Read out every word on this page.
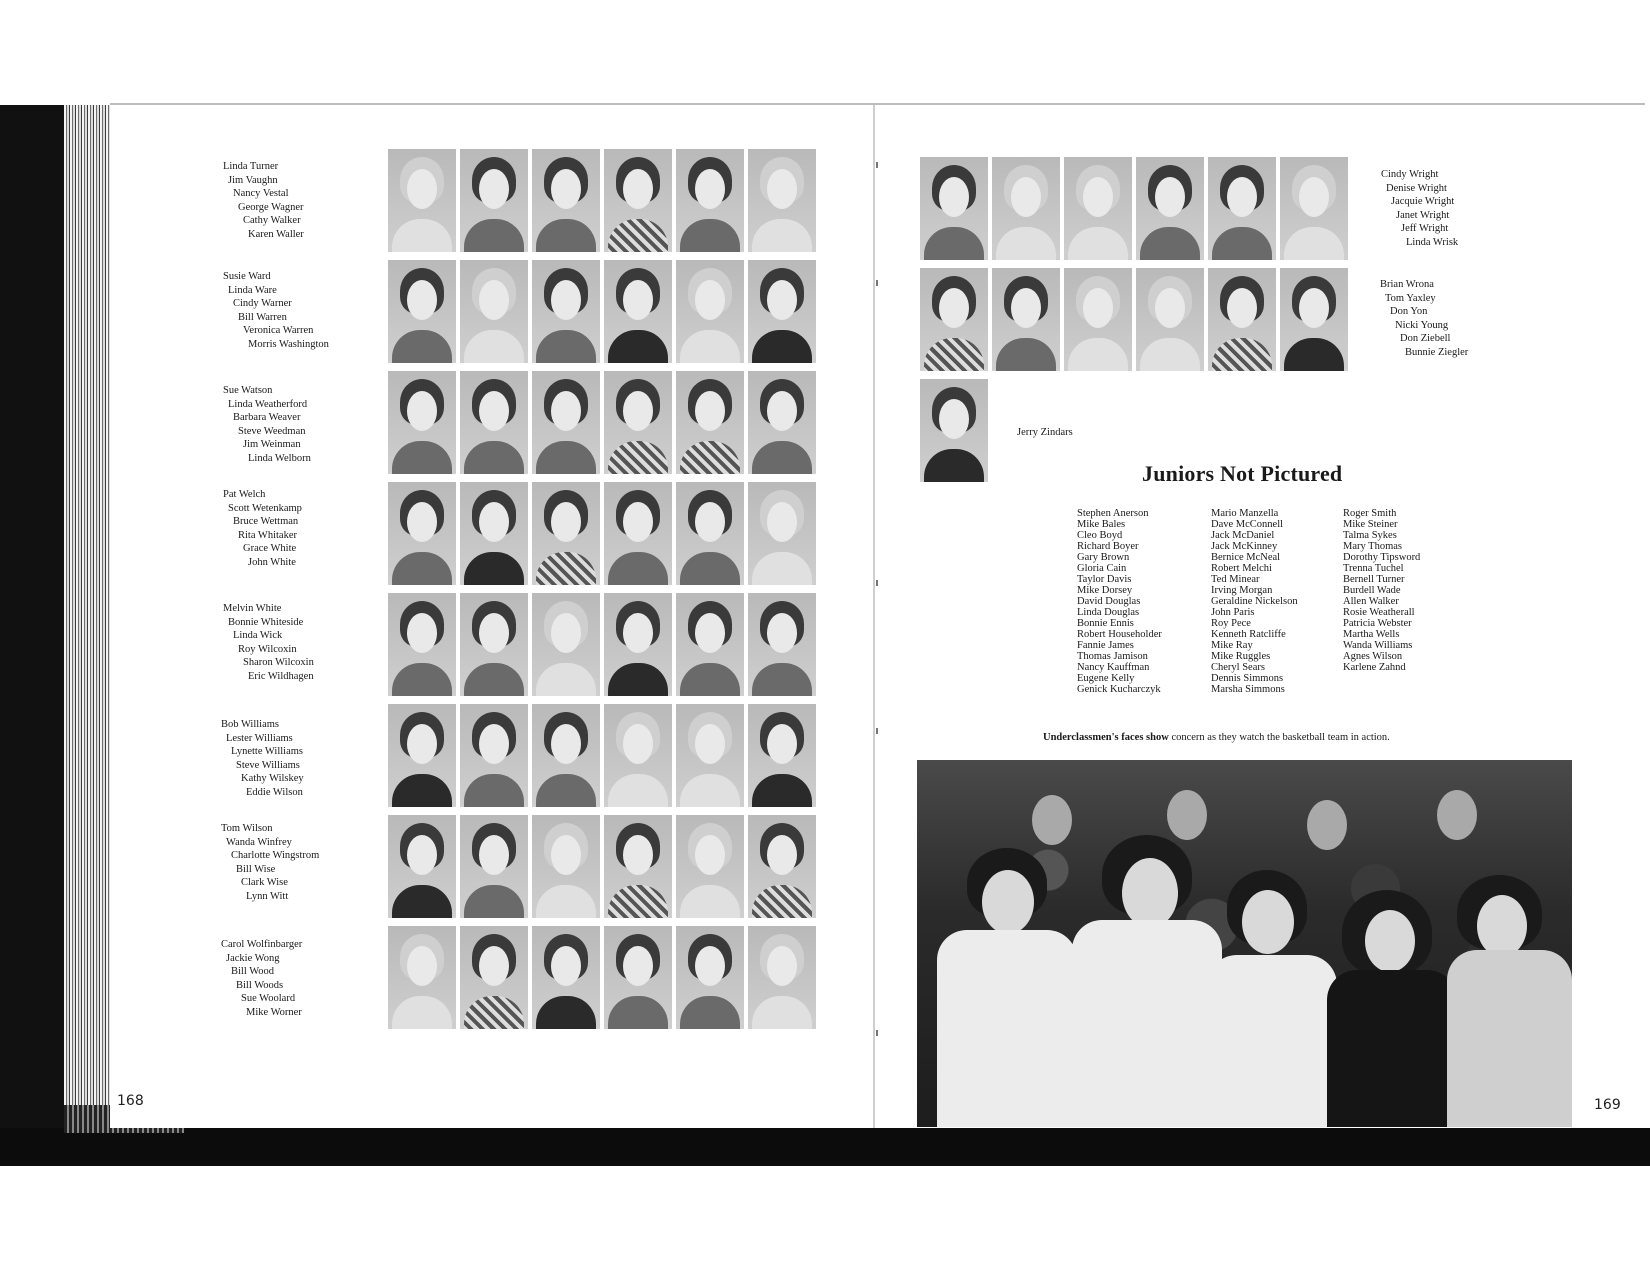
Linda Turner
Jim Vaughn
Nancy Vestal
George Wagner
Cathy Walker
Karen Waller
Susie Ward
Linda Ware
Cindy Warner
Bill Warren
Veronica Warren
Morris Washington
Sue Watson
Linda Weatherford
Barbara Weaver
Steve Weedman
Jim Weinman
Linda Welborn
Pat Welch
Scott Wetenkamp
Bruce Wettman
Rita Whitaker
Grace White
John White
Melvin White
Bonnie Whiteside
Linda Wick
Roy Wilcoxin
Sharon Wilcoxin
Eric Wildhagen
Bob Williams
Lester Williams
Lynette Williams
Steve Williams
Kathy Wilskey
Eddie Wilson
Tom Wilson
Wanda Winfrey
Charlotte Wingstrom
Bill Wise
Clark Wise
Lynn Witt
Carol Wolfinbarger
Jackie Wong
Bill Wood
Bill Woods
Sue Woolard
Mike Worner
168
Cindy Wright
Denise Wright
Jacquie Wright
Janet Wright
Jeff Wright
Linda Wrisk
Brian Wrona
Tom Yaxley
Don Yon
Nicki Young
Don Ziebell
Bunnie Ziegler
Jerry Zindars
Juniors Not Pictured
Stephen Anerson
Mike Bales
Cleo Boyd
Richard Boyer
Gary Brown
Gloria Cain
Taylor Davis
Mike Dorsey
David Douglas
Linda Douglas
Bonnie Ennis
Robert Householder
Fannie James
Thomas Jamison
Nancy Kauffman
Eugene Kelly
Genick Kucharczyk
Mario Manzella
Dave McConnell
Jack McDaniel
Jack McKinney
Bernice McNeal
Robert Melchi
Ted Minear
Irving Morgan
Geraldine Nickelson
John Paris
Roy Pece
Kenneth Ratcliffe
Mike Ray
Mike Ruggles
Cheryl Sears
Dennis Simmons
Marsha Simmons
Roger Smith
Mike Steiner
Talma Sykes
Mary Thomas
Dorothy Tipsword
Trenna Tuchel
Bernell Turner
Burdell Wade
Allen Walker
Rosie Weatherall
Patricia Webster
Martha Wells
Wanda Williams
Agnes Wilson
Karlene Zahnd
Underclassmen's faces show concern as they watch the basketball team in action.
169
